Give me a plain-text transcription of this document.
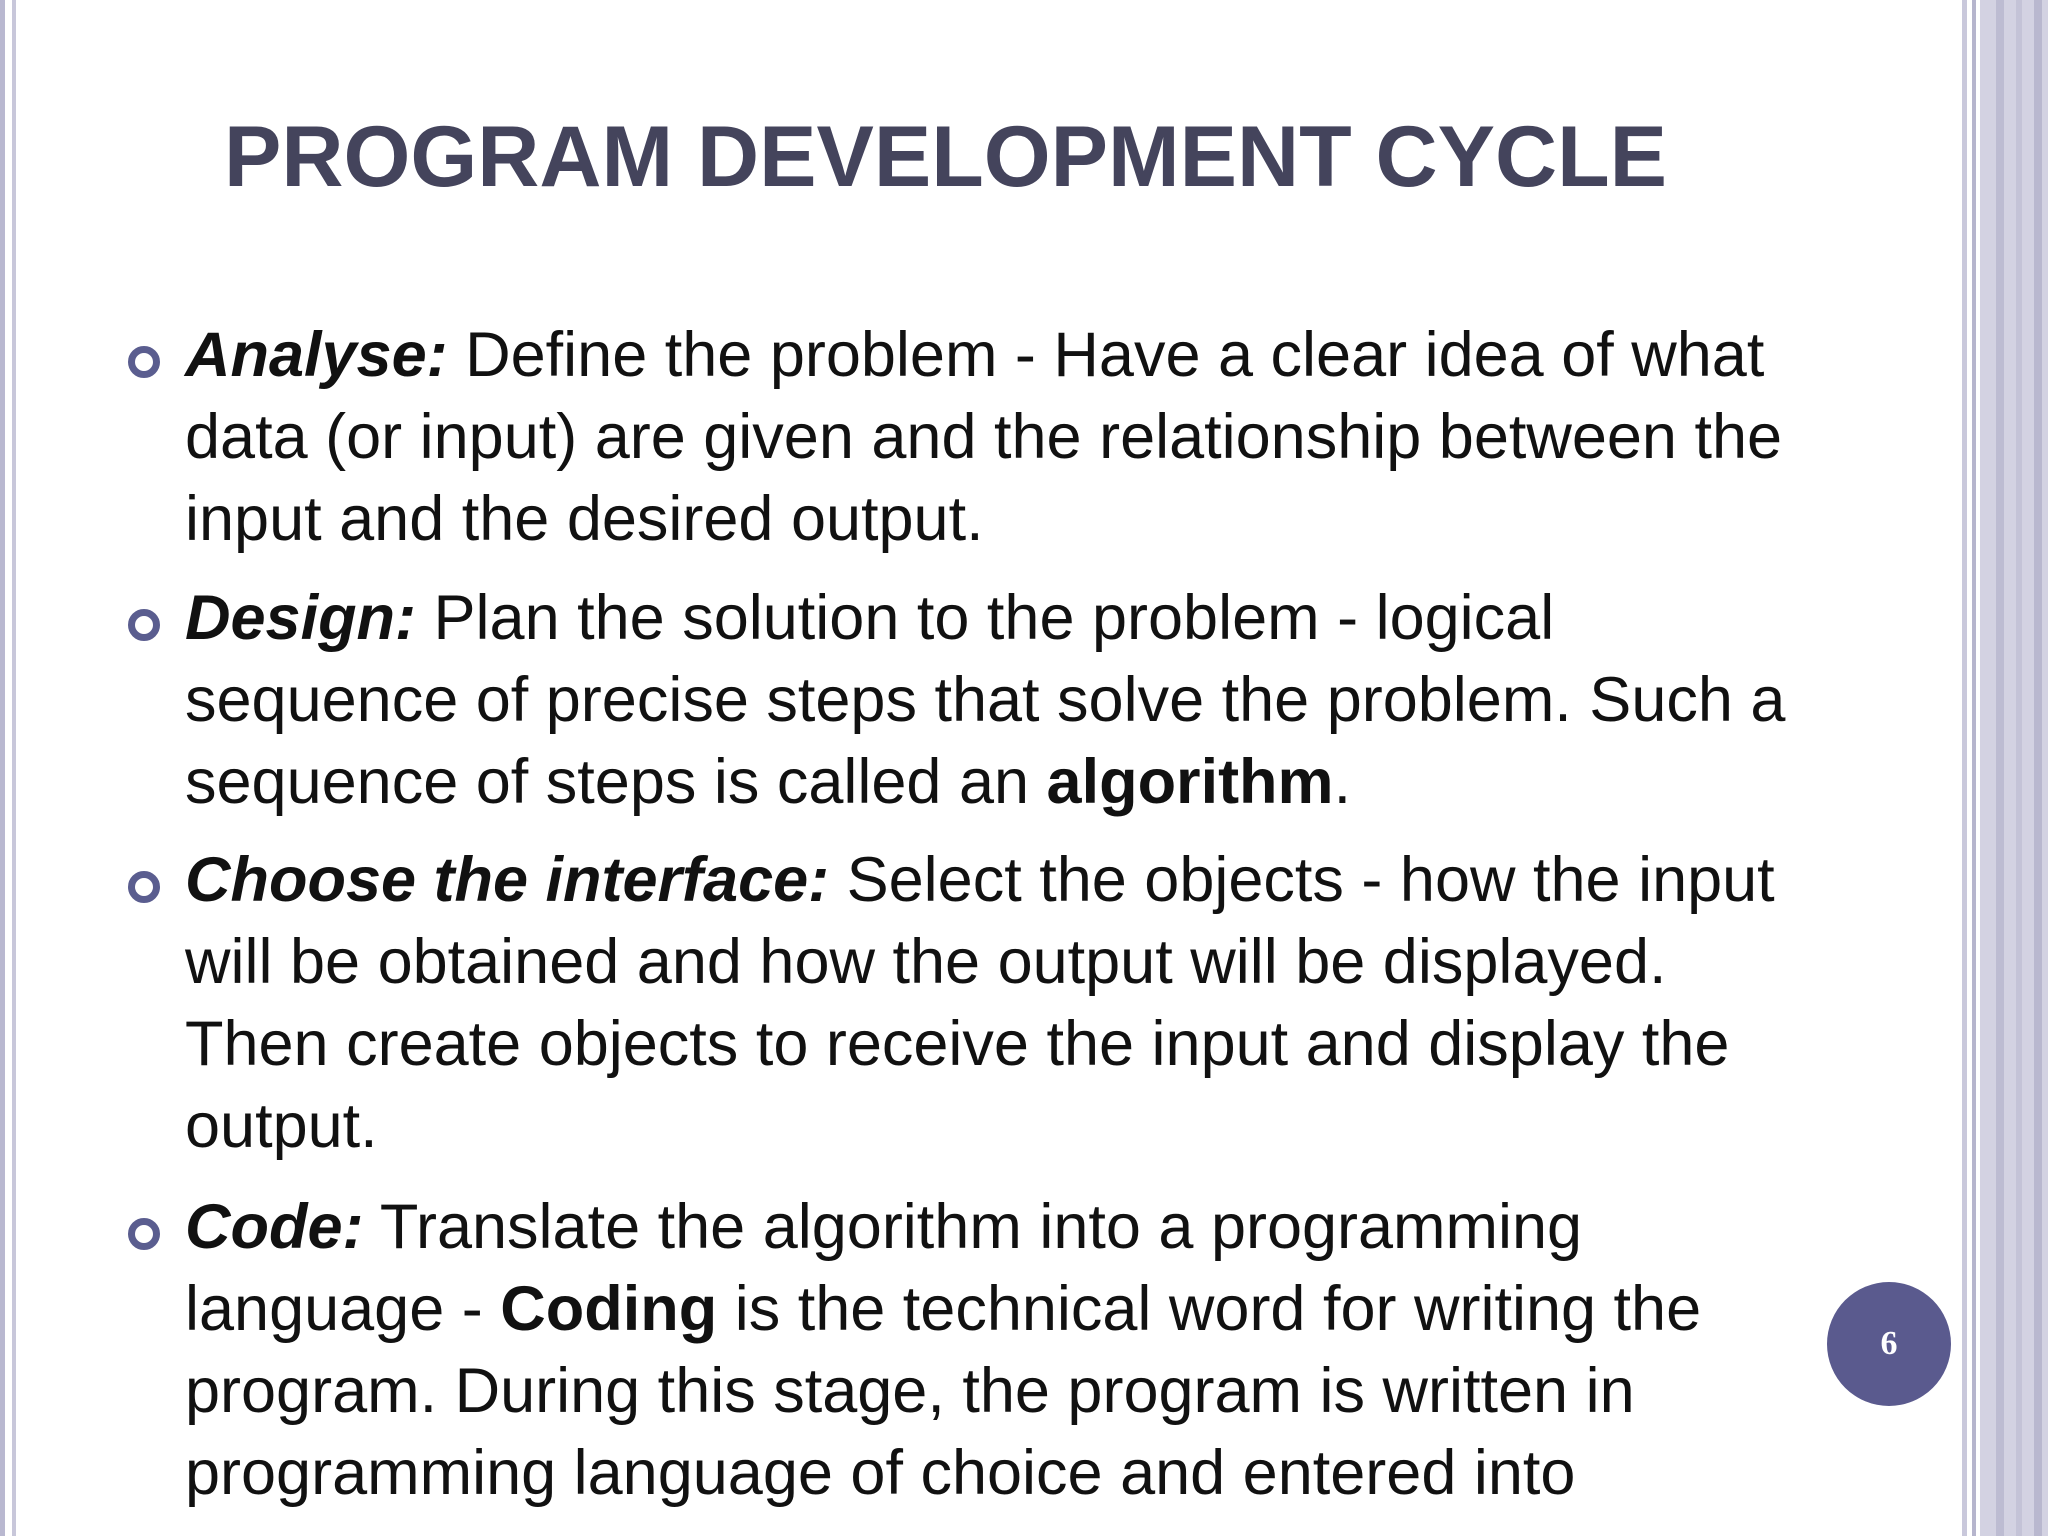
PROGRAM DEVELOPMENT CYCLE
Analyse: Define the problem - Have a clear idea of what data (or input) are given and the relationship between the input and the desired output.
Design: Plan the solution to the problem - logical sequence of precise steps that solve the problem. Such a sequence of steps is called an algorithm.
Choose the interface: Select the objects - how the input will be obtained and how the output will be displayed. Then create objects to receive the input and display the output.
Code: Translate the algorithm into a programming language - Coding is the technical word for writing the program. During this stage, the program is written in programming language of choice and entered into
6
